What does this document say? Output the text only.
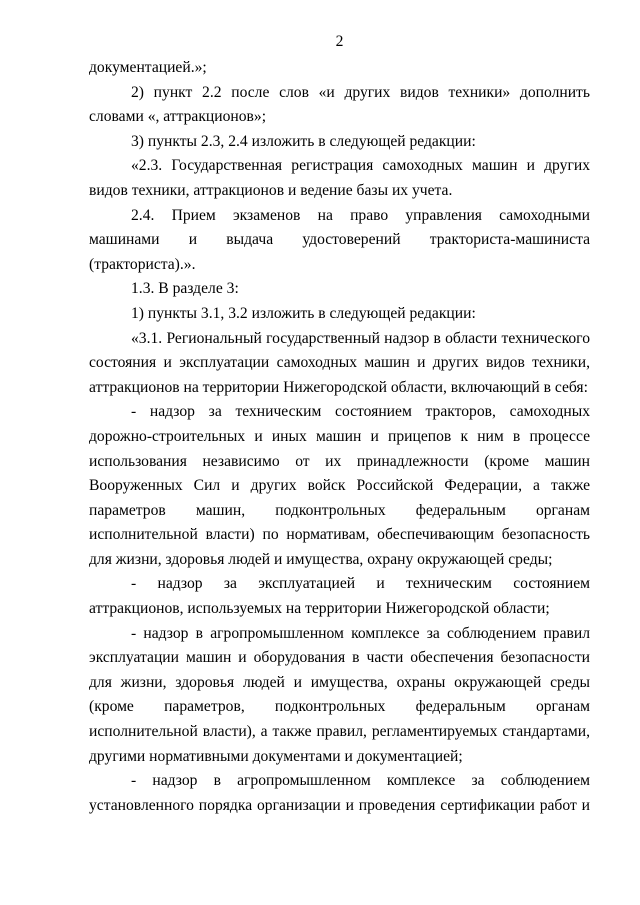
2
документацией.»;
2) пункт 2.2 после слов «и других видов техники» дополнить
словами «, аттракционов»;
3) пункты 2.3, 2.4 изложить в следующей редакции:
«2.3. Государственная регистрация самоходных машин и других
видов техники, аттракционов и ведение базы их учета.
2.4. Прием экзаменов на право управления самоходными
машинами и выдача удостоверений тракториста-машиниста
(тракториста).».
1.3. В разделе 3:
1) пункты 3.1, 3.2 изложить в следующей редакции:
«3.1. Региональный государственный надзор в области технического
состояния и эксплуатации самоходных машин и других видов техники,
аттракционов на территории Нижегородской области, включающий в себя:
- надзор за техническим состоянием тракторов, самоходных
дорожно-строительных и иных машин и прицепов к ним в процессе
использования независимо от их принадлежности (кроме машин
Вооруженных Сил и других войск Российской Федерации, а также
параметров машин, подконтрольных федеральным органам
исполнительной власти) по нормативам, обеспечивающим безопасность
для жизни, здоровья людей и имущества, охрану окружающей среды;
- надзор за эксплуатацией и техническим состоянием
аттракционов, используемых на территории Нижегородской области;
- надзор в агропромышленном комплексе за соблюдением правил
эксплуатации машин и оборудования в части обеспечения безопасности
для жизни, здоровья людей и имущества, охраны окружающей среды
(кроме параметров, подконтрольных федеральным органам
исполнительной власти), а также правил, регламентируемых стандартами,
другими нормативными документами и документацией;
- надзор в агропромышленном комплексе за соблюдением
установленного порядка организации и проведения сертификации работ и
